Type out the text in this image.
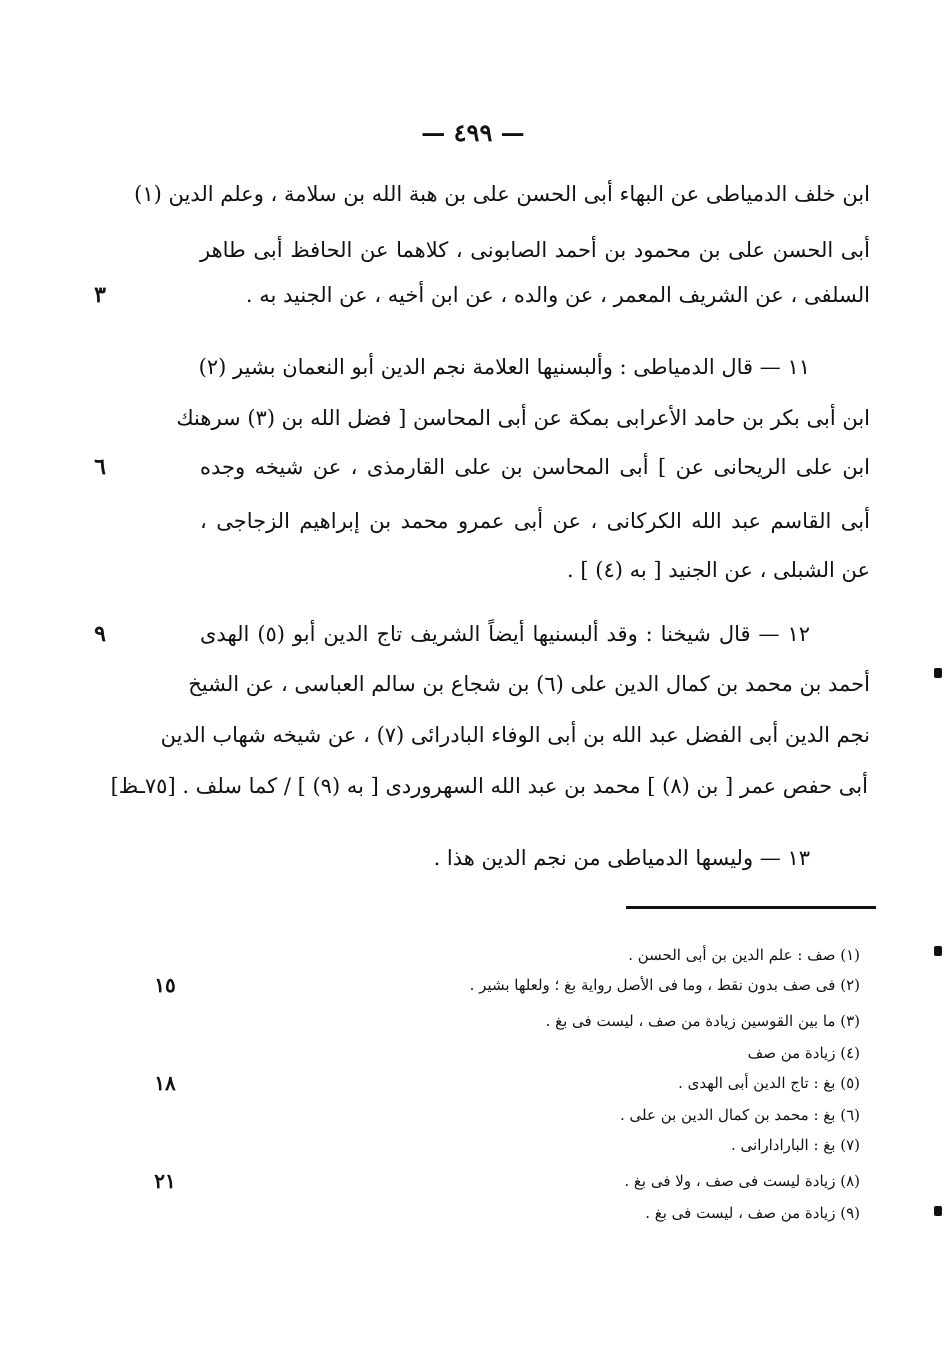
— ٤٩٩ —
ابن خلف الدمياطى عن البهاء أبى الحسن على بن هبة الله بن سلامة ، وعلم الدين (١)
أبى الحسن على بن محمود بن أحمد الصابونى ، كلاهما عن الحافظ أبى طاهر
السلفى ، عن الشريف المعمر ، عن والده ، عن ابن أخيه ، عن الجنيد به .
٣
١١ — قال الدمياطى : وألبسنيها العلامة نجم الدين أبو النعمان بشير (٢)
ابن أبى بكر بن حامد الأعرابى بمكة عن أبى المحاسن [ فضل الله بن (٣) سرهنك
ابن على الريحانى عن ] أبى المحاسن بن على القارمذى ، عن شيخه وجده
٦
أبى القاسم عبد الله الكركانى ، عن أبى عمرو محمد بن إبراهيم الزجاجى ،
عن الشبلى ، عن الجنيد [ به (٤) ] .
١٢ — قال شيخنا : وقد ألبسنيها أيضاً الشريف تاج الدين أبو (٥) الهدى
٩
أحمد بن محمد بن كمال الدين على (٦) بن شجاع بن سالم العباسى ، عن الشيخ
نجم الدين أبى الفضل عبد الله بن أبى الوفاء البادرائى (٧) ، عن شيخه شهاب الدين
أبى حفص عمر [ بن (٨) ] محمد بن عبد الله السهروردى [ به (٩) ] / كما سلف . [٧٥ـظ]
١٣ — وليسها الدمياطى من نجم الدين هذا .
(١) صف : علم الدين بن أبى الحسن .
(٢) فى صف بدون نقط ، وما فى الأصل رواية بغ ؛ ولعلها بشير .
١٥
(٣) ما بين القوسين زيادة من صف ، ليست فى بغ .
(٤) زيادة من صف
(٥) بغ : تاج الدين أبى الهدى .
١٨
(٦) بغ : محمد بن كمال الدين بن على .
(٧) بغ : البارادارانى .
(٨) زيادة ليست فى صف ، ولا فى بغ .
٢١
(٩) زيادة من صف ، ليست فى بغ .
